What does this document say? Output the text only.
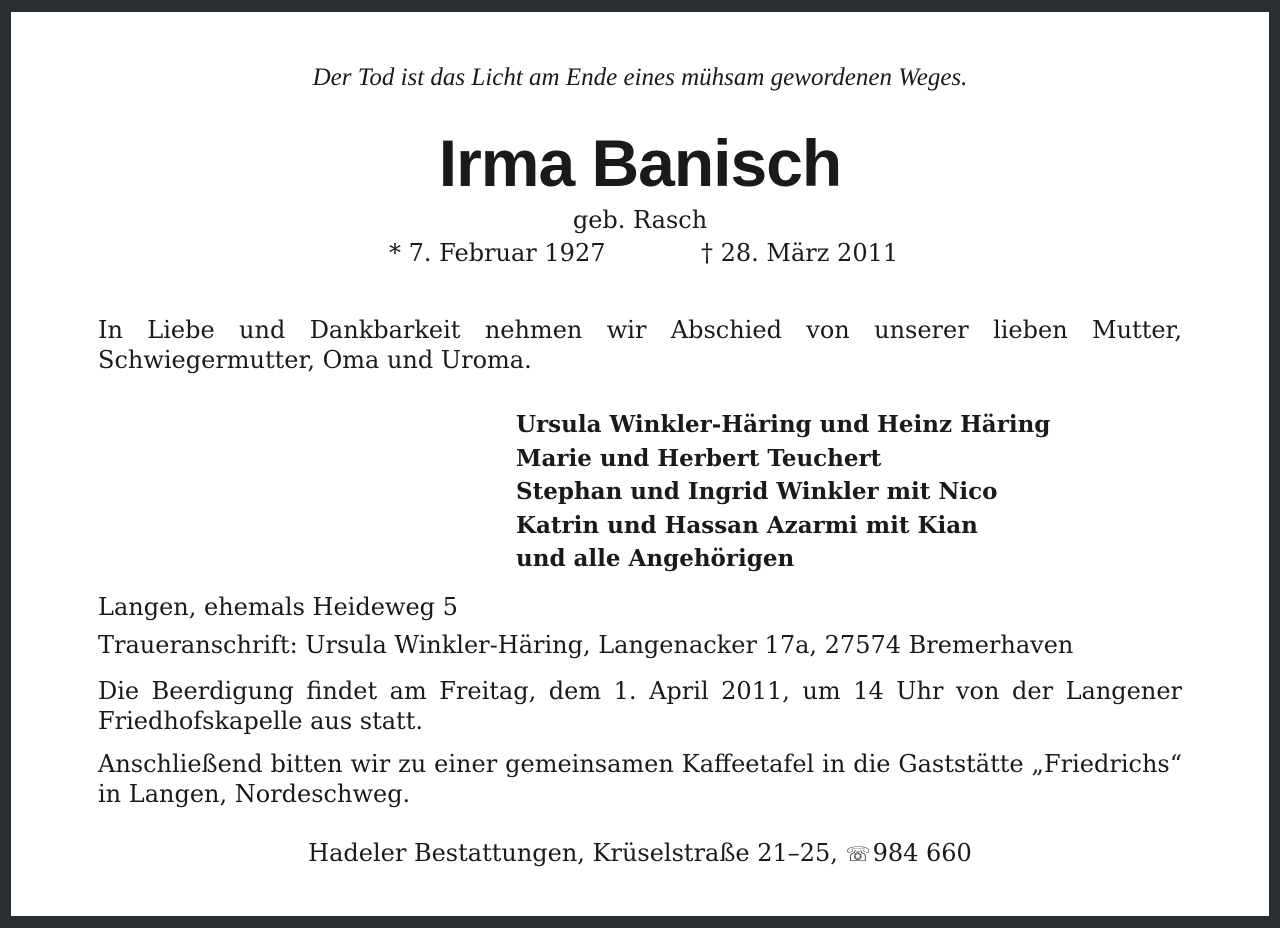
Der Tod ist das Licht am Ende eines mühsam gewordenen Weges.
Irma Banisch
geb. Rasch
* 7. Februar 1927	† 28. März 2011
In Liebe und Dankbarkeit nehmen wir Abschied von unserer lieben Mutter, Schwiegermutter, Oma und Uroma.
Ursula Winkler-Häring und Heinz Häring
Marie und Herbert Teuchert
Stephan und Ingrid Winkler mit Nico
Katrin und Hassan Azarmi mit Kian
und alle Angehörigen
Langen, ehemals Heideweg 5
Traueranschrift: Ursula Winkler-Häring, Langenacker 17a, 27574 Bremerhaven
Die Beerdigung findet am Freitag, dem 1. April 2011, um 14 Uhr von der Langener Friedhofskapelle aus statt.
Anschließend bitten wir zu einer gemeinsamen Kaffeetafel in die Gaststätte „Friedrichs“ in Langen, Nordeschweg.
Hadeler Bestattungen, Krüselstraße 21–25, ☏984 660
